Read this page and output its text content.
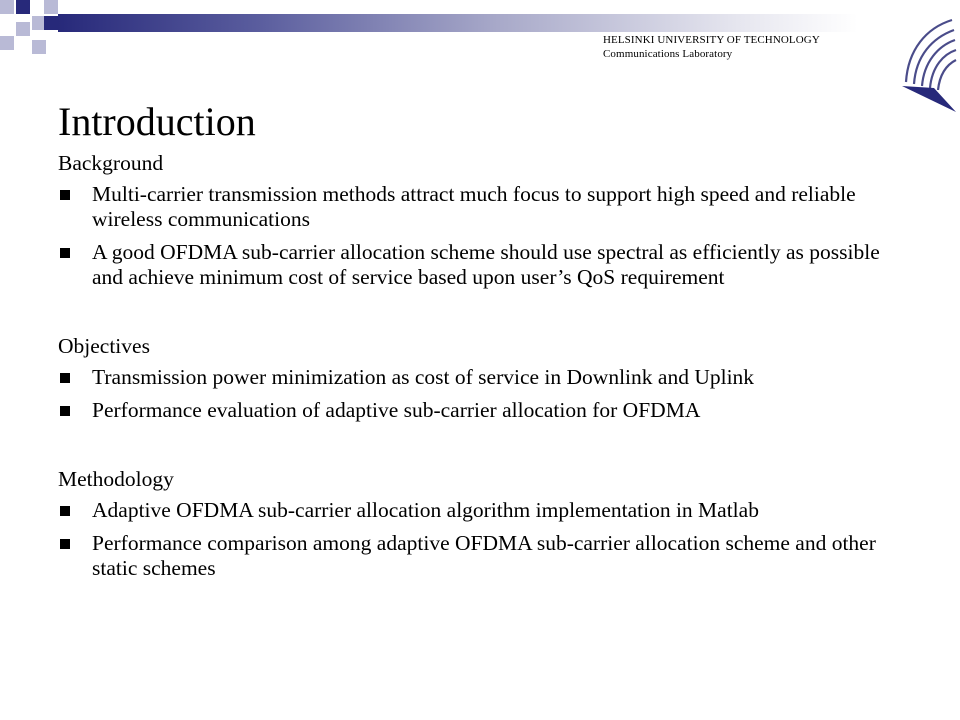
HELSINKI UNIVERSITY OF TECHNOLOGY
Communications Laboratory
Introduction
Background
Multi-carrier transmission methods attract much focus to support high speed and reliable wireless communications
A good OFDMA sub-carrier allocation scheme should use spectral as efficiently as possible and achieve minimum cost of service based upon user’s QoS requirement
Objectives
Transmission power minimization as cost of service in Downlink and Uplink
Performance evaluation of adaptive sub-carrier allocation for OFDMA
Methodology
Adaptive OFDMA sub-carrier allocation algorithm implementation in Matlab
Performance comparison among adaptive OFDMA sub-carrier allocation scheme and other static schemes
